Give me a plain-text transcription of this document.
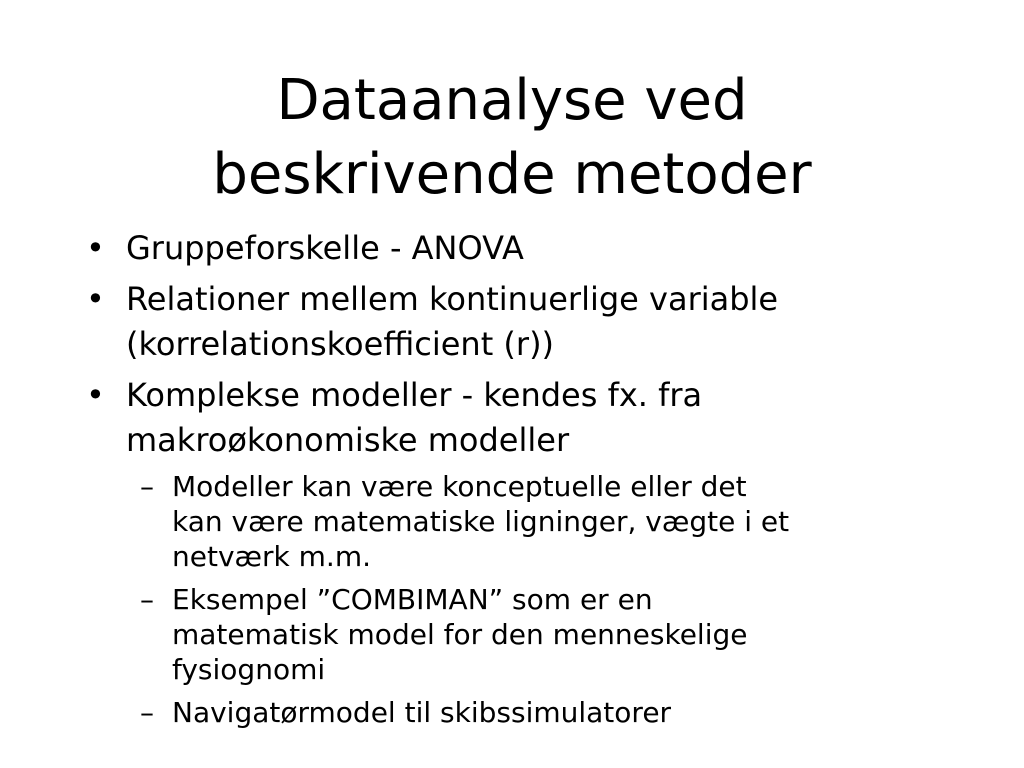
Dataanalyse ved
beskrivende metoder
• Gruppeforskelle - ANOVA
• Relationer mellem kontinuerlige variable
(korrelationskoefficient (r))
• Komplekse modeller - kendes fx. fra
makroøkonomiske modeller
– Modeller kan være konceptuelle eller det
kan være matematiske ligninger, vægte i et
netværk m.m.
– Eksempel ”COMBIMAN” som er en
matematisk model for den menneskelige
fysiognomi
– Navigatørmodel til skibssimulatorer
